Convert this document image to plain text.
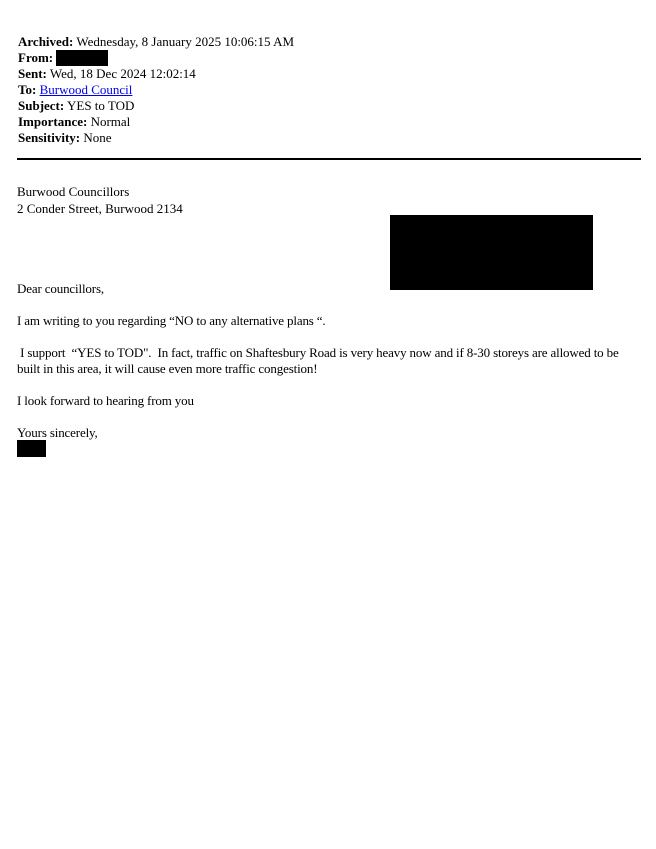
Archived: Wednesday, 8 January 2025 10:06:15 AM
From:
Sent: Wed, 18 Dec 2024 12:02:14
To: Burwood Council
Subject: YES to TOD
Importance: Normal
Sensitivity: None
Burwood Councillors
2 Conder Street, Burwood 2134
Dear councillors,
I am writing to you regarding “NO to any alternative plans “.
I support  “YES to TOD".  In fact, traffic on Shaftesbury Road is very heavy now and if 8-30 storeys are allowed to be built in this area, it will cause even more traffic congestion!
I look forward to hearing from you
Yours sincerely,
